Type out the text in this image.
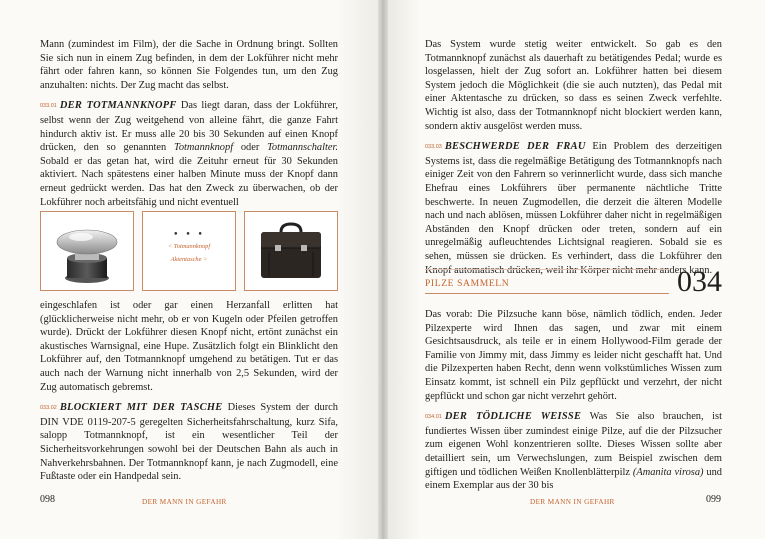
Mann (zumindest im Film), der die Sache in Ordnung bringt. Sollten Sie sich nun in einem Zug befinden, in dem der Lokführer nicht mehr fährt oder fahren kann, so können Sie Folgendes tun, um den Zug anzuhalten: nichts. Der Zug macht das selbst.

033.01 DER TOTMANNKNOPF Das liegt daran, dass der Lokführer, selbst wenn der Zug weitgehend von alleine fährt, die ganze Fahrt hindurch aktiv ist. Er muss alle 20 bis 30 Sekunden auf einen Knopf drücken, den so genannten Totmannknopf oder Totmannschalter. Sobald er das getan hat, wird die Zeituhr erneut für 30 Sekunden aktiviert. Nach spätestens einer halben Minute muss der Knopf dann erneut gedrückt werden. Das hat den Zweck zu überwachen, ob der Lokführer noch arbeitsfähig und nicht eventuell

• • •
< Totmannknopf
Aktentasche >

eingeschlafen ist oder gar einen Herzanfall erlitten hat (glücklicherweise nicht mehr, ob er von Kugeln oder Pfeilen getroffen wurde). Drückt der Lokführer diesen Knopf nicht, ertönt zunächst ein akustisches Warnsignal, eine Hupe. Zusätzlich folgt ein Blinklicht den Lokführer auf, den Totmannknopf umgehend zu betätigen. Tut er das auch nach der Warnung nicht innerhalb von 2,5 Sekunden, wird der Zug automatisch gebremst.

033.02 BLOCKIERT MIT DER TASCHE Dieses System der durch DIN VDE 0119-207-5 geregelten Sicherheitsfahrschaltung, kurz Sifa, salopp Totmannknopf, ist ein wesentlicher Teil der Sicherheitsvorkehrungen sowohl bei der Deutschen Bahn als auch in Nahverkehrsbahnen. Der Totmannknopf kann, je nach Zugmodell, eine Fußtaste oder ein Handpedal sein.

098	DER MANN IN GEFAHR

Das System wurde stetig weiter entwickelt. So gab es den Totmannknopf zunächst als dauerhaft zu betätigendes Pedal; wurde es losgelassen, hielt der Zug sofort an. Lokführer hatten bei diesem System jedoch die Möglichkeit (die sie auch nutzten), das Pedal mit einer Aktentasche zu drücken, so dass es seinen Zweck verfehlte. Wichtig ist also, dass der Totmannknopf nicht blockiert werden kann, sondern aktiv ausgelöst werden muss.

033.03 BESCHWERDE DER FRAU Ein Problem des derzeitigen Systems ist, dass die regelmäßige Betätigung des Totmannknopfs nach einiger Zeit von den Fahrern so verinnerlicht wurde, dass sich manche Ehefrau eines Lokführers über permanente nächtliche Tritte beschwerte. In neuen Zugmodellen, die derzeit die älteren Modelle nach und nach ablösen, müssen Lokführer daher nicht in regelmäßigen Abständen den Knopf drücken oder treten, sondern auf ein unregelmäßig aufleuchtendes Lichtsignal reagieren. Sobald sie es sehen, müssen sie drücken. Es verhindert, dass die Lokführer den Knopf automatisch drücken, weil ihr Körper nicht mehr anders kann.

PILZE SAMMELN	034

Das vorab: Die Pilzsuche kann böse, nämlich tödlich, enden. Jeder Pilzexperte wird Ihnen das sagen, und zwar mit einem Gesichtsausdruck, als teile er in einem Hollywood-Film gerade der Familie von Jimmy mit, dass Jimmy es leider nicht geschafft hat. Und die Pilzexperten haben Recht, denn wenn volkstümliches Wissen zum Einsatz kommt, ist schnell ein Pilz gepflückt und verzehrt, der nicht gepflückt und schon gar nicht verzehrt gehört.

034.01 DER TÖDLICHE WEISSE Was Sie also brauchen, ist fundiertes Wissen über zumindest einige Pilze, auf die der Pilzsucher zum eigenen Wohl konzentrieren sollte. Dieses Wissen sollte aber detailliert sein, um Verwechslungen, zum Beispiel zwischen dem giftigen und tödlichen Weißen Knollenblätterpilz (Amanita virosa) und einem Exemplar aus der 30 bis

DER MANN IN GEFAHR	099
